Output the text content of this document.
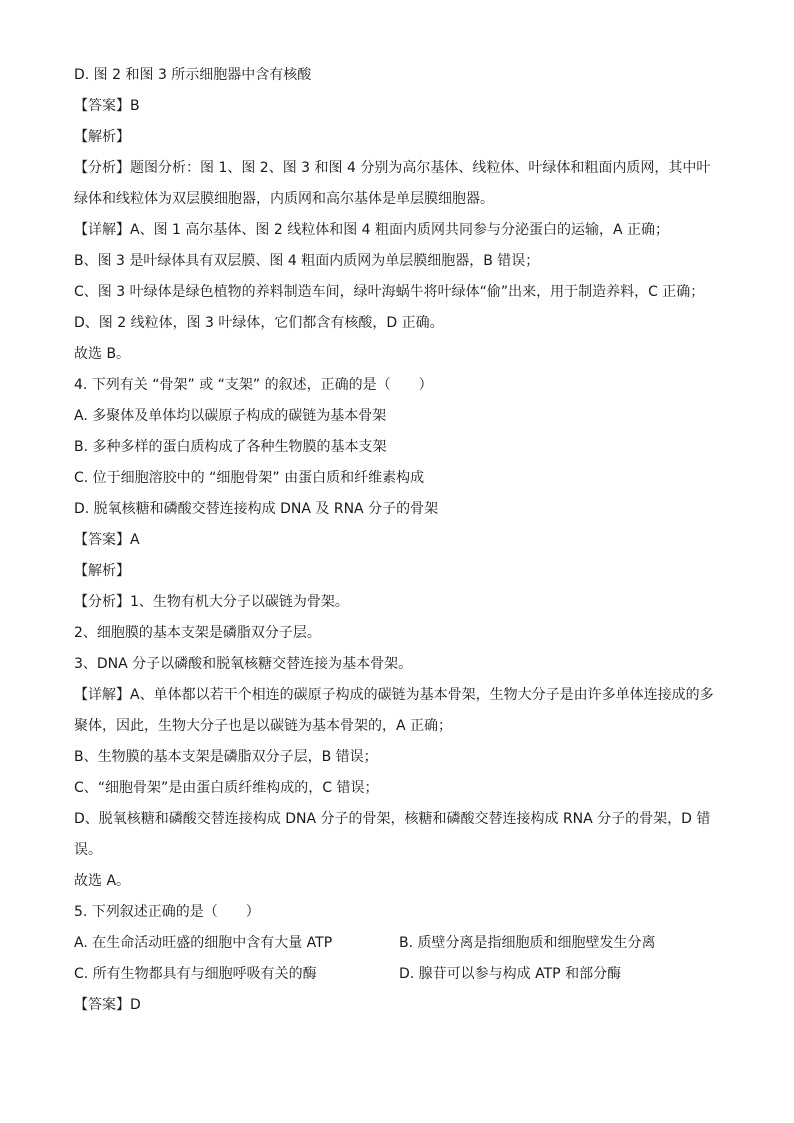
D. 图 2 和图 3 所示细胞器中含有核酸
【答案】B
【解析】
【分析】题图分析：图 1、图 2、图 3 和图 4 分别为高尔基体、线粒体、叶绿体和粗面内质网，其中叶绿体和线粒体为双层膜细胞器，内质网和高尔基体是单层膜细胞器。
【详解】A、图 1 高尔基体、图 2 线粒体和图 4 粗面内质网共同参与分泌蛋白的运输，A 正确；
B、图 3 是叶绿体具有双层膜、图 4 粗面内质网为单层膜细胞器，B 错误；
C、图 3 叶绿体是绿色植物的养料制造车间，绿叶海蜗牛将叶绿体“偷”出来，用于制造养料，C 正确；
D、图 2 线粒体，图 3 叶绿体，它们都含有核酸，D 正确。
故选 B。
4. 下列有关 “骨架” 或 “支架” 的叙述，正确的是（　　）
A. 多聚体及单体均以碳原子构成的碳链为基本骨架
B. 多种多样的蛋白质构成了各种生物膜的基本支架
C. 位于细胞溶胶中的 “细胞骨架” 由蛋白质和纤维素构成
D. 脱氧核糖和磷酸交替连接构成 DNA 及 RNA 分子的骨架
【答案】A
【解析】
【分析】1、生物有机大分子以碳链为骨架。
2、细胞膜的基本支架是磷脂双分子层。
3、DNA 分子以磷酸和脱氧核糖交替连接为基本骨架。
【详解】A、单体都以若干个相连的碳原子构成的碳链为基本骨架，生物大分子是由许多单体连接成的多聚体，因此，生物大分子也是以碳链为基本骨架的，A 正确；
B、生物膜的基本支架是磷脂双分子层，B 错误；
C、“细胞骨架”是由蛋白质纤维构成的，C 错误；
D、脱氧核糖和磷酸交替连接构成 DNA 分子的骨架，核糖和磷酸交替连接构成 RNA 分子的骨架，D 错误。
故选 A。
5. 下列叙述正确的是（　　）
A. 在生命活动旺盛的细胞中含有大量 ATP	B. 质壁分离是指细胞质和细胞壁发生分离
C. 所有生物都具有与细胞呼吸有关的酶	D. 腺苷可以参与构成 ATP 和部分酶
【答案】D
